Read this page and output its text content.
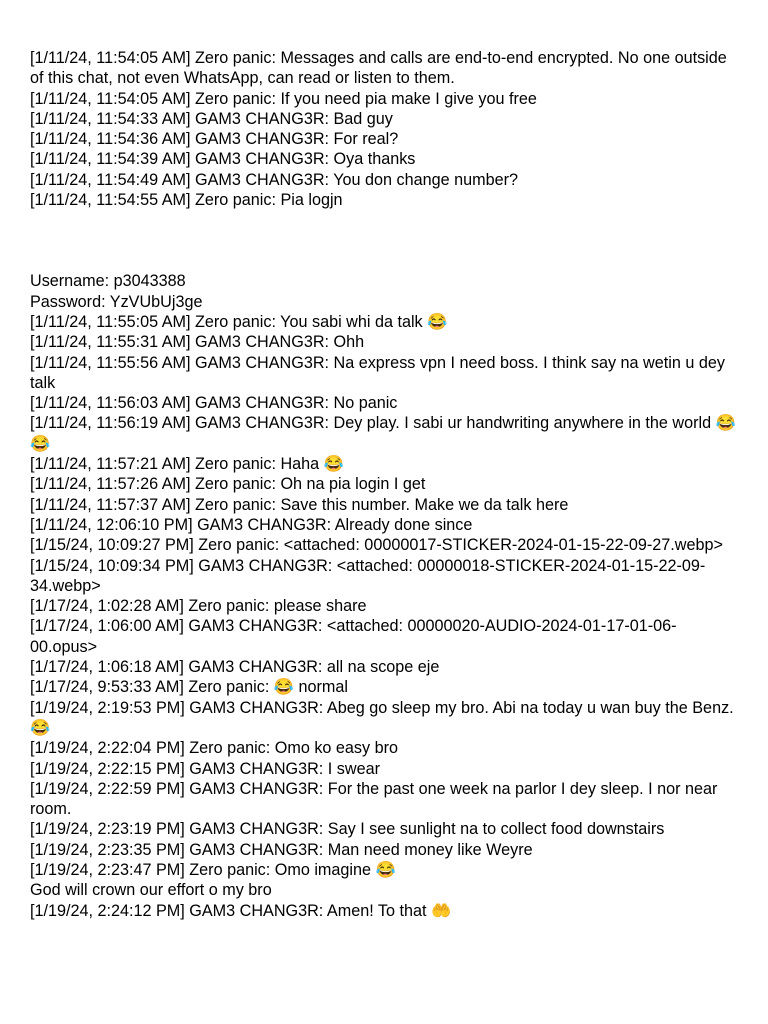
[1/11/24, 11:54:05 AM] Zero panic: Messages and calls are end-to-end encrypted. No one outside of this chat, not even WhatsApp, can read or listen to them.
[1/11/24, 11:54:05 AM] Zero panic: If you need pia make I give you free
[1/11/24, 11:54:33 AM] GAM3 CHANG3R: Bad guy
[1/11/24, 11:54:36 AM] GAM3 CHANG3R: For real?
[1/11/24, 11:54:39 AM] GAM3 CHANG3R: Oya thanks
[1/11/24, 11:54:49 AM] GAM3 CHANG3R: You don change number?
[1/11/24, 11:54:55 AM] Zero panic: Pia logjn
Username: p3043388
Password: YzVUbUj3ge
[1/11/24, 11:55:05 AM] Zero panic: You sabi whi da talk 😂
[1/11/24, 11:55:31 AM] GAM3 CHANG3R: Ohh
[1/11/24, 11:55:56 AM] GAM3 CHANG3R: Na express vpn I need boss. I think say na wetin u dey talk
[1/11/24, 11:56:03 AM] GAM3 CHANG3R: No panic
[1/11/24, 11:56:19 AM] GAM3 CHANG3R: Dey play. I sabi ur handwriting anywhere in the world 😂😂
[1/11/24, 11:57:21 AM] Zero panic: Haha 😂
[1/11/24, 11:57:26 AM] Zero panic: Oh na pia login I get
[1/11/24, 11:57:37 AM] Zero panic: Save this number. Make we da talk here
[1/11/24, 12:06:10 PM] GAM3 CHANG3R: Already done since
[1/15/24, 10:09:27 PM] Zero panic: <attached: 00000017-STICKER-2024-01-15-22-09-27.webp>
[1/15/24, 10:09:34 PM] GAM3 CHANG3R: <attached: 00000018-STICKER-2024-01-15-22-09-34.webp>
[1/17/24, 1:02:28 AM] Zero panic: please share
[1/17/24, 1:06:00 AM] GAM3 CHANG3R: <attached: 00000020-AUDIO-2024-01-17-01-06-00.opus>
[1/17/24, 1:06:18 AM] GAM3 CHANG3R: all na scope eje
[1/17/24, 9:53:33 AM] Zero panic: 😂 normal
[1/19/24, 2:19:53 PM] GAM3 CHANG3R: Abeg go sleep my bro. Abi na today u wan buy the Benz. 😂
[1/19/24, 2:22:04 PM] Zero panic: Omo ko easy bro
[1/19/24, 2:22:15 PM] GAM3 CHANG3R: I swear
[1/19/24, 2:22:59 PM] GAM3 CHANG3R: For the past one week na parlor I dey sleep. I nor near room.
[1/19/24, 2:23:19 PM] GAM3 CHANG3R: Say I see sunlight na to collect food downstairs
[1/19/24, 2:23:35 PM] GAM3 CHANG3R: Man need money like Weyre
[1/19/24, 2:23:47 PM] Zero panic: Omo imagine 😂
God will crown our effort o my bro
[1/19/24, 2:24:12 PM] GAM3 CHANG3R: Amen! To that 🤲
